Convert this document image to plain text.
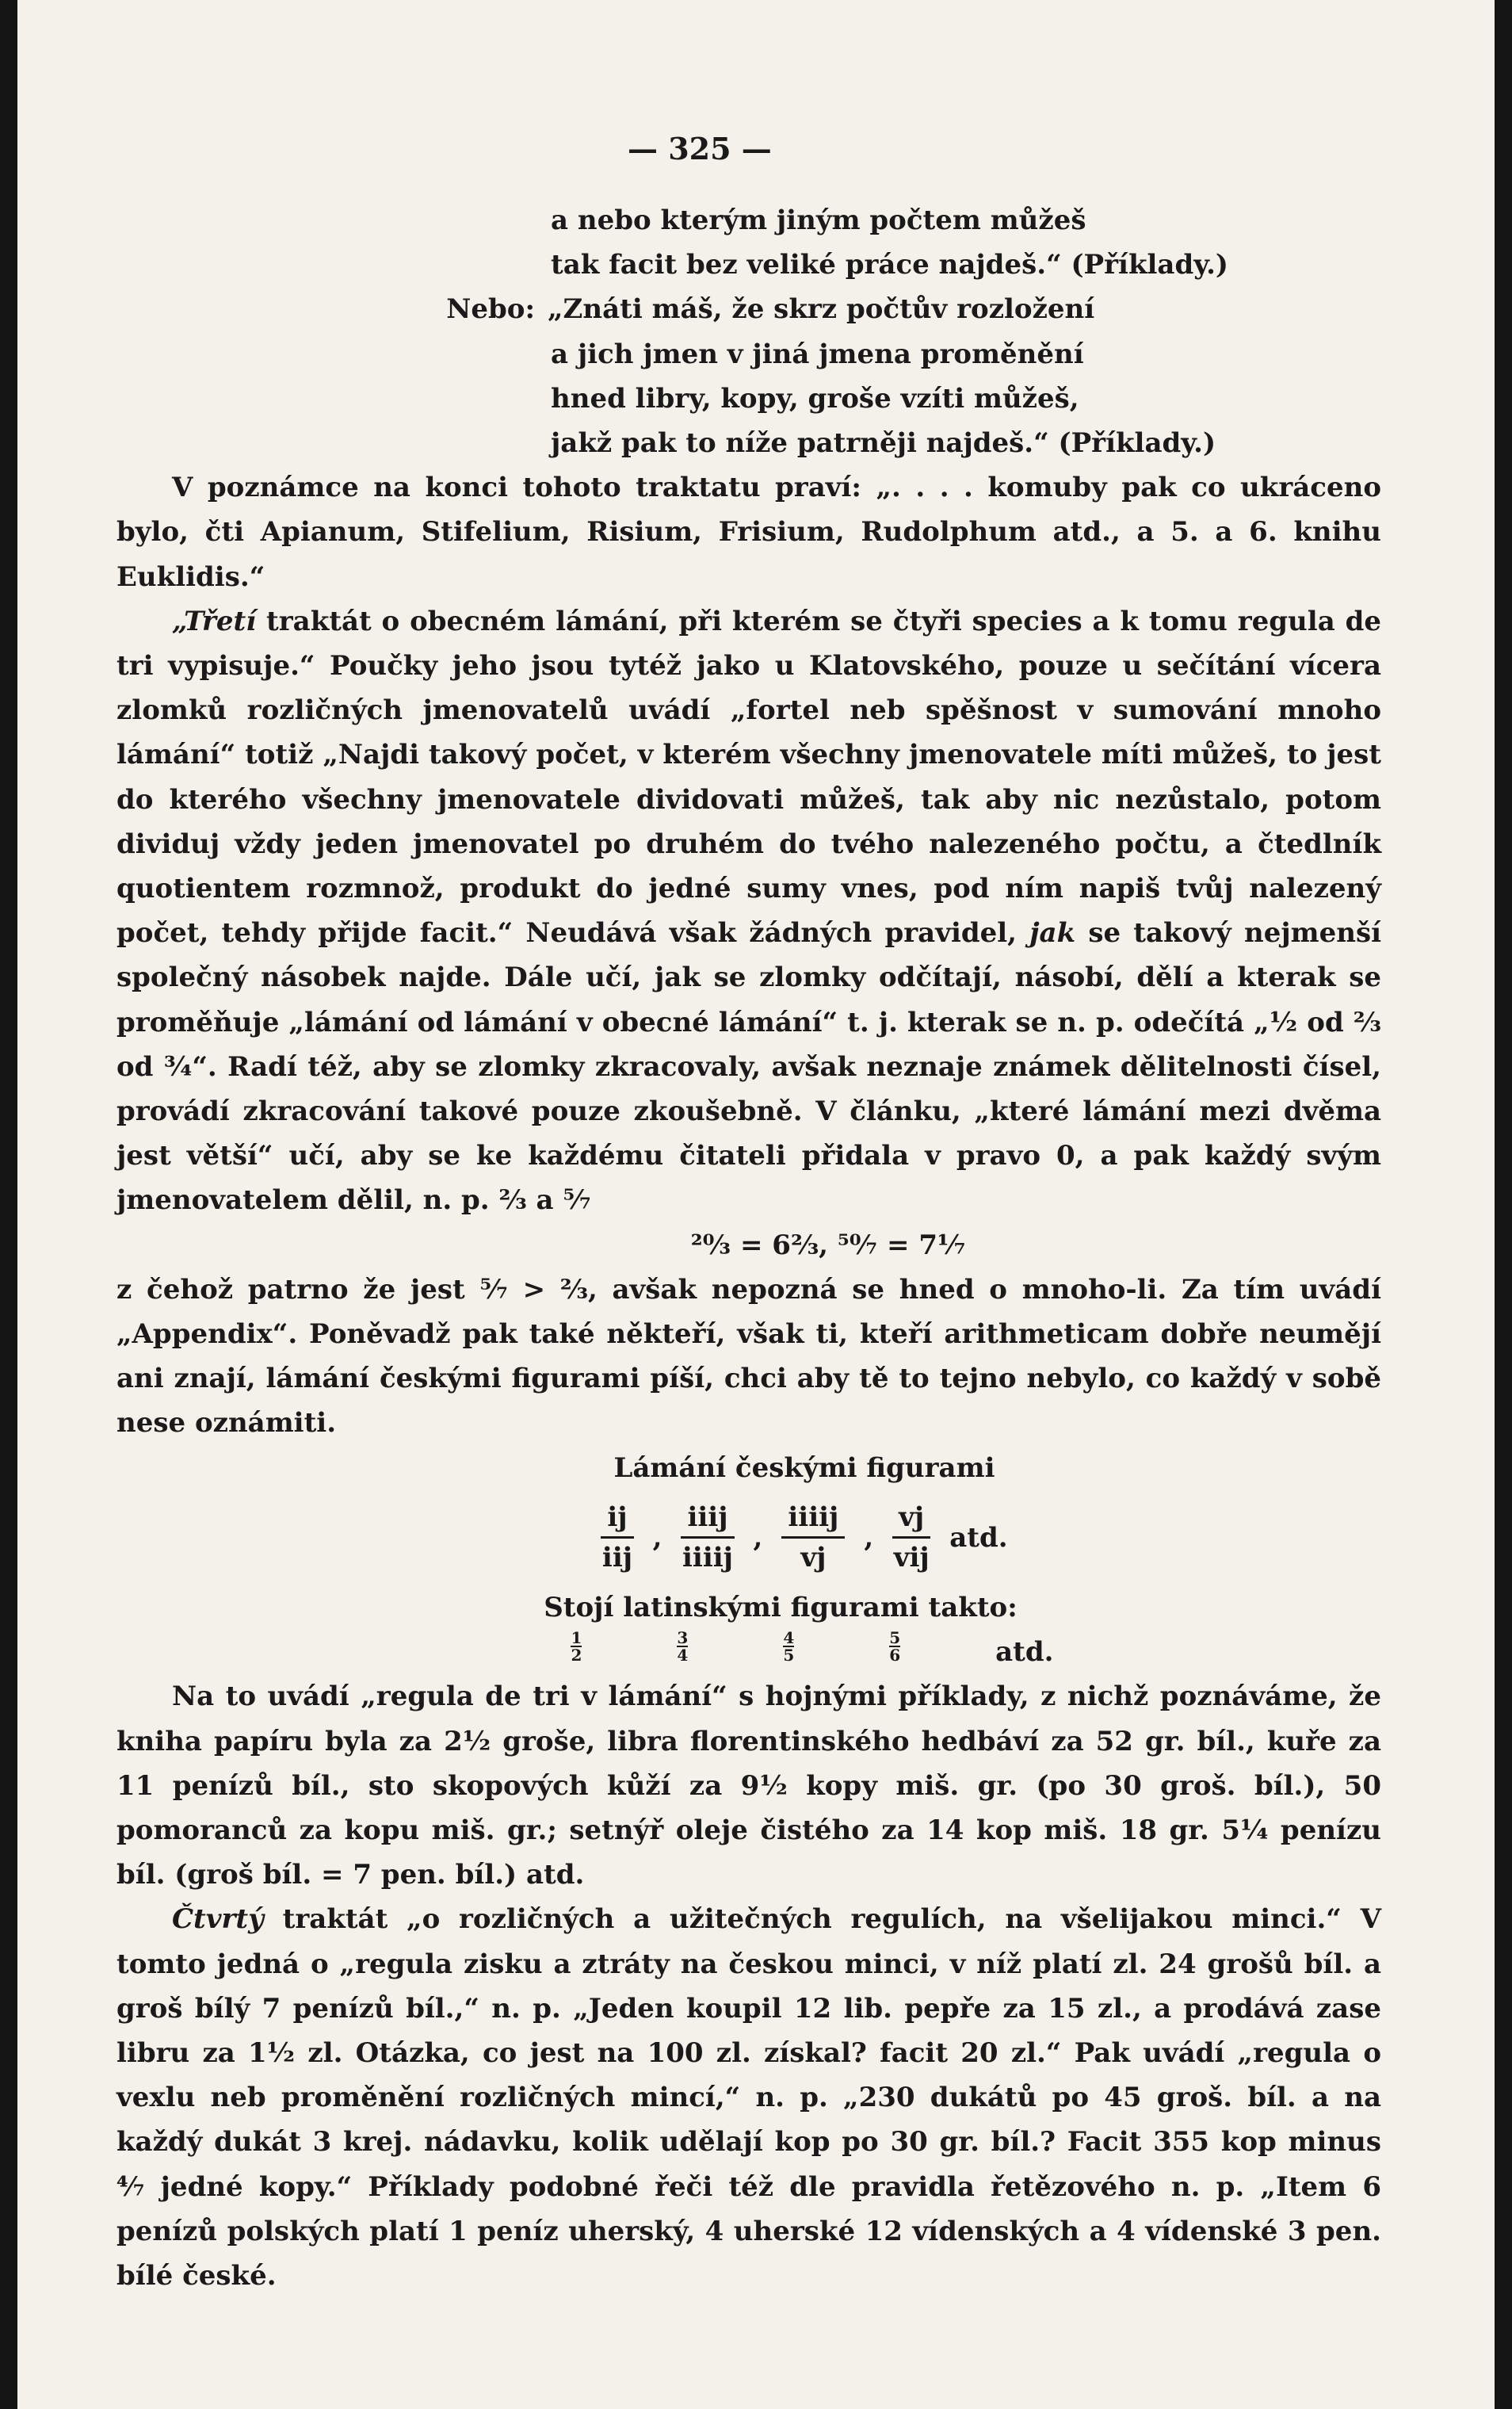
— 325 —
a nebo kterým jiným počtem můžeš
tak facit bez veliké práce najdeš.“ (Příklady.)
Nebo: „Znáti máš, že skrz počtův rozložení
a jich jmen v jiná jmena proměnění
hned libry, kopy, groše vzíti můžeš,
jakž pak to níže patrněji najdeš.“ (Příklady.)

V poznámce na konci tohoto traktatu praví: „. . . . komuby pak co ukráceno bylo, čti Apianum, Stifelium, Risium, Frisium, Rudolphum atd., a 5. a 6. knihu Euklidis.“

„Třetí traktát o obecném lámání, při kterém se čtyři species a k tomu regula de tri vypisuje.“ Poučky jeho jsou tytéž jako u Klatovského, pouze u sečítání vícera zlomků rozličných jmenovatelů uvádí „fortel neb spěšnost v sumování mnoho lámání“ totiž „Najdi takový počet, v kterém všechny jmenovatele míti můžeš, to jest do kterého všechny jmenovatele dividovati můžeš, tak aby nic nezůstalo, potom dividuj vždy jeden jmenovatel po druhém do tvého nalezeného počtu, a čtedlník quotientem rozmnož, produkt do jedné sumy vnes, pod ním napiš tvůj nalezený počet, tehdy přijde facit.“ Neudává však žádných pravidel, jak se takový nejmenší společný násobek najde. Dále učí, jak se zlomky odčítají, násobí, dělí a kterak se proměňuje „lámání od lámání v obecné lámání“ t. j. kterak se n. p. odečítá „½ od ⅔ od ¾“. Radí též, aby se zlomky zkracovaly, avšak neznaje známek dělitelnosti čísel, provádí zkracování takové pouze zkoušebně. V článku, „které lámání mezi dvěma jest větší“ učí, aby se ke každému čitateli přidala v pravo 0, a pak každý svým jmenovatelem dělil, n. p. ⅔ a ⁵⁄₇

²⁰⁄₃ = 6⅔, ⁵⁰⁄₇ = 7⅐

z čehož patrno že jest ⁵⁄₇ > ⅔, avšak nepozná se hned o mnoho-li. Za tím uvádí „Appendix“. Poněvadž pak také někteří, však ti, kteří arithmeticam dobře neumějí ani znají, lámání českými figurami píší, chci aby tě to tejno nebylo, co každý v sobě nese oznámiti.

Lámání českými figurami
$\frac{ij}{\text{iij}}$ , $\frac{\text{iiij}}{\text{iiiij}}$ , $\frac{\text{iiiij}}{vj}$ , $\frac{vj}{\text{vij}}$ atd.
Stojí latinskými figurami takto:
$\frac{1}{2}$	$\frac{3}{4}$	$\frac{4}{5}$	$\frac{5}{6}$	atd.

Na to uvádí „regula de tri v lámání“ s hojnými příklady, z nichž poznáváme, že kniha papíru byla za 2½ groše, libra florentinského hedbáví za 52 gr. bíl., kuře za 11 penízů bíl., sto skopových kůží za 9½ kopy miš. gr. (po 30 groš. bíl.), 50 pomoranců za kopu miš. gr.; setnýř oleje čistého za 14 kop miš. 18 gr. 5¼ penízu bíl. (groš bíl. = 7 pen. bíl.) atd.

Čtvrtý traktát „o rozličných a užitečných regulích, na všelijakou minci.“ V tomto jedná o „regula zisku a ztráty na českou minci, v níž platí zl. 24 grošů bíl. a groš bílý 7 penízů bíl.,“ n. p. „Jeden koupil 12 lib. pepře za 15 zl., a prodává zase libru za 1½ zl. Otázka, co jest na 100 zl. získal? facit 20 zl.“ Pak uvádí „regula o vexlu neb proměnění rozličných mincí,“ n. p. „230 dukátů po 45 groš. bíl. a na každý dukát 3 krej. nádavku, kolik udělají kop po 30 gr. bíl.? Facit 355 kop minus ⁴⁄₇ jedné kopy.“ Příklady podobné řeči též dle pravidla řetězového n. p. „Item 6 penízů polských platí 1 peníz uherský, 4 uherské 12 vídenských a 4 vídenské 3 pen. bílé české.
